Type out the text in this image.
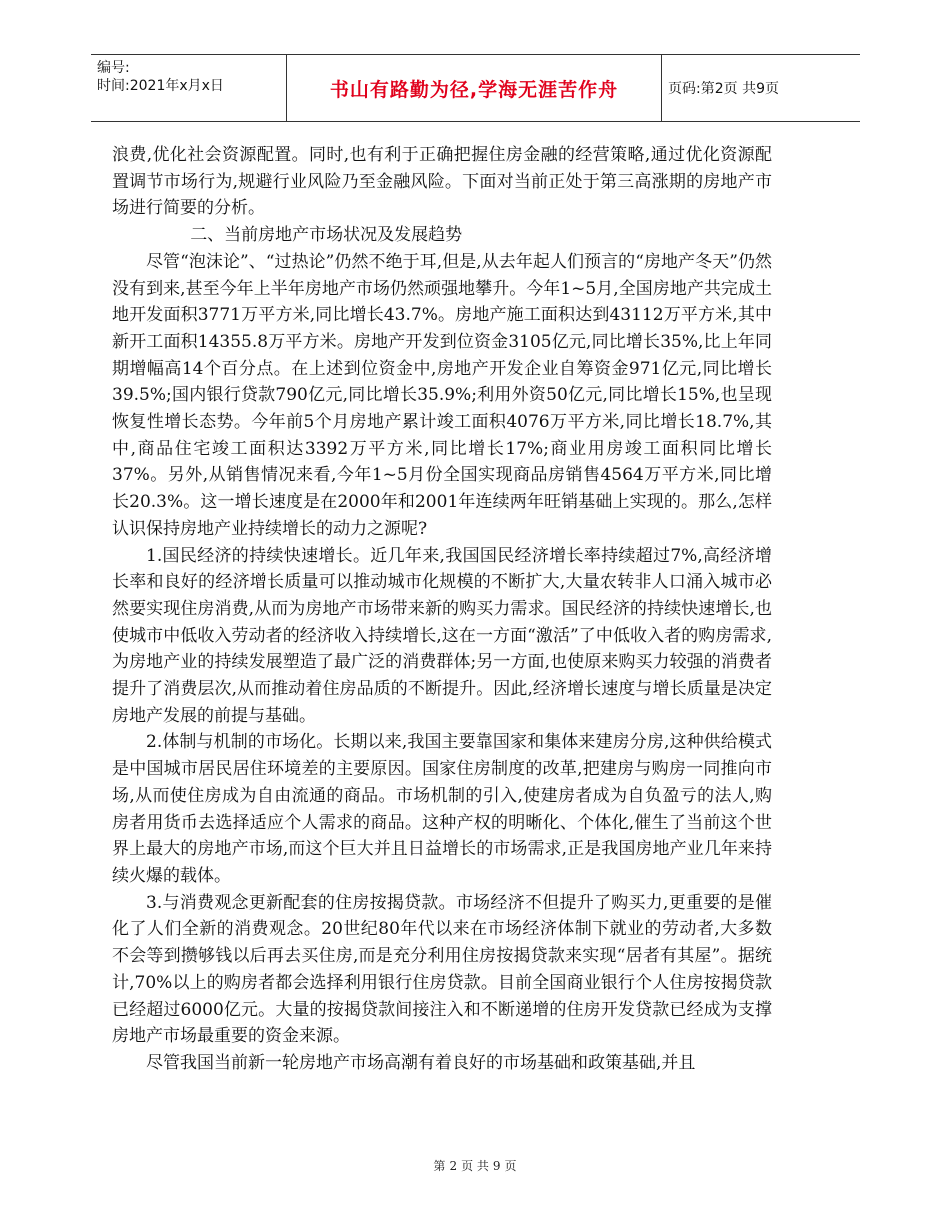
编号:
时间:2021年x月x日	书山有路勤为径,学海无涯苦作舟	页码:第2页 共9页

浪费,优化社会资源配置。同时,也有利于正确把握住房金融的经营策略,通过优化资源配置调节市场行为,规避行业风险乃至金融风险。下面对当前正处于第三高涨期的房地产市场进行简要的分析。

二、当前房地产市场状况及发展趋势

尽管“泡沫论”、“过热论”仍然不绝于耳,但是,从去年起人们预言的“房地产冬天”仍然没有到来,甚至今年上半年房地产市场仍然顽强地攀升。今年1~5月,全国房地产共完成土地开发面积3771万平方米,同比增长43.7%。房地产施工面积达到43112万平方米,其中新开工面积14355.8万平方米。房地产开发到位资金3105亿元,同比增长35%,比上年同期增幅高14个百分点。在上述到位资金中,房地产开发企业自筹资金971亿元,同比增长39.5%;国内银行贷款790亿元,同比增长35.9%;利用外资50亿元,同比增长15%,也呈现恢复性增长态势。今年前5个月房地产累计竣工面积4076万平方米,同比增长18.7%,其中,商品住宅竣工面积达3392万平方米,同比增长17%;商业用房竣工面积同比增长37%。另外,从销售情况来看,今年1~5月份全国实现商品房销售4564万平方米,同比增长20.3%。这一增长速度是在2000年和2001年连续两年旺销基础上实现的。那么,怎样认识保持房地产业持续增长的动力之源呢?

1.国民经济的持续快速增长。近几年来,我国国民经济增长率持续超过7%,高经济增长率和良好的经济增长质量可以推动城市化规模的不断扩大,大量农转非人口涌入城市必然要实现住房消费,从而为房地产市场带来新的购买力需求。国民经济的持续快速增长,也使城市中低收入劳动者的经济收入持续增长,这在一方面“激活”了中低收入者的购房需求,为房地产业的持续发展塑造了最广泛的消费群体;另一方面,也使原来购买力较强的消费者提升了消费层次,从而推动着住房品质的不断提升。因此,经济增长速度与增长质量是决定房地产发展的前提与基础。

2.体制与机制的市场化。长期以来,我国主要靠国家和集体来建房分房,这种供给模式是中国城市居民居住环境差的主要原因。国家住房制度的改革,把建房与购房一同推向市场,从而使住房成为自由流通的商品。市场机制的引入,使建房者成为自负盈亏的法人,购房者用货币去选择适应个人需求的商品。这种产权的明晰化、个体化,催生了当前这个世界上最大的房地产市场,而这个巨大并且日益增长的市场需求,正是我国房地产业几年来持续火爆的载体。

3.与消费观念更新配套的住房按揭贷款。市场经济不但提升了购买力,更重要的是催化了人们全新的消费观念。20世纪80年代以来在市场经济体制下就业的劳动者,大多数不会等到攒够钱以后再去买住房,而是充分利用住房按揭贷款来实现“居者有其屋”。据统计,70%以上的购房者都会选择利用银行住房贷款。目前全国商业银行个人住房按揭贷款已经超过6000亿元。大量的按揭贷款间接注入和不断递增的住房开发贷款已经成为支撑房地产市场最重要的资金来源。

尽管我国当前新一轮房地产市场高潮有着良好的市场基础和政策基础,并且

第 2 页 共 9 页
